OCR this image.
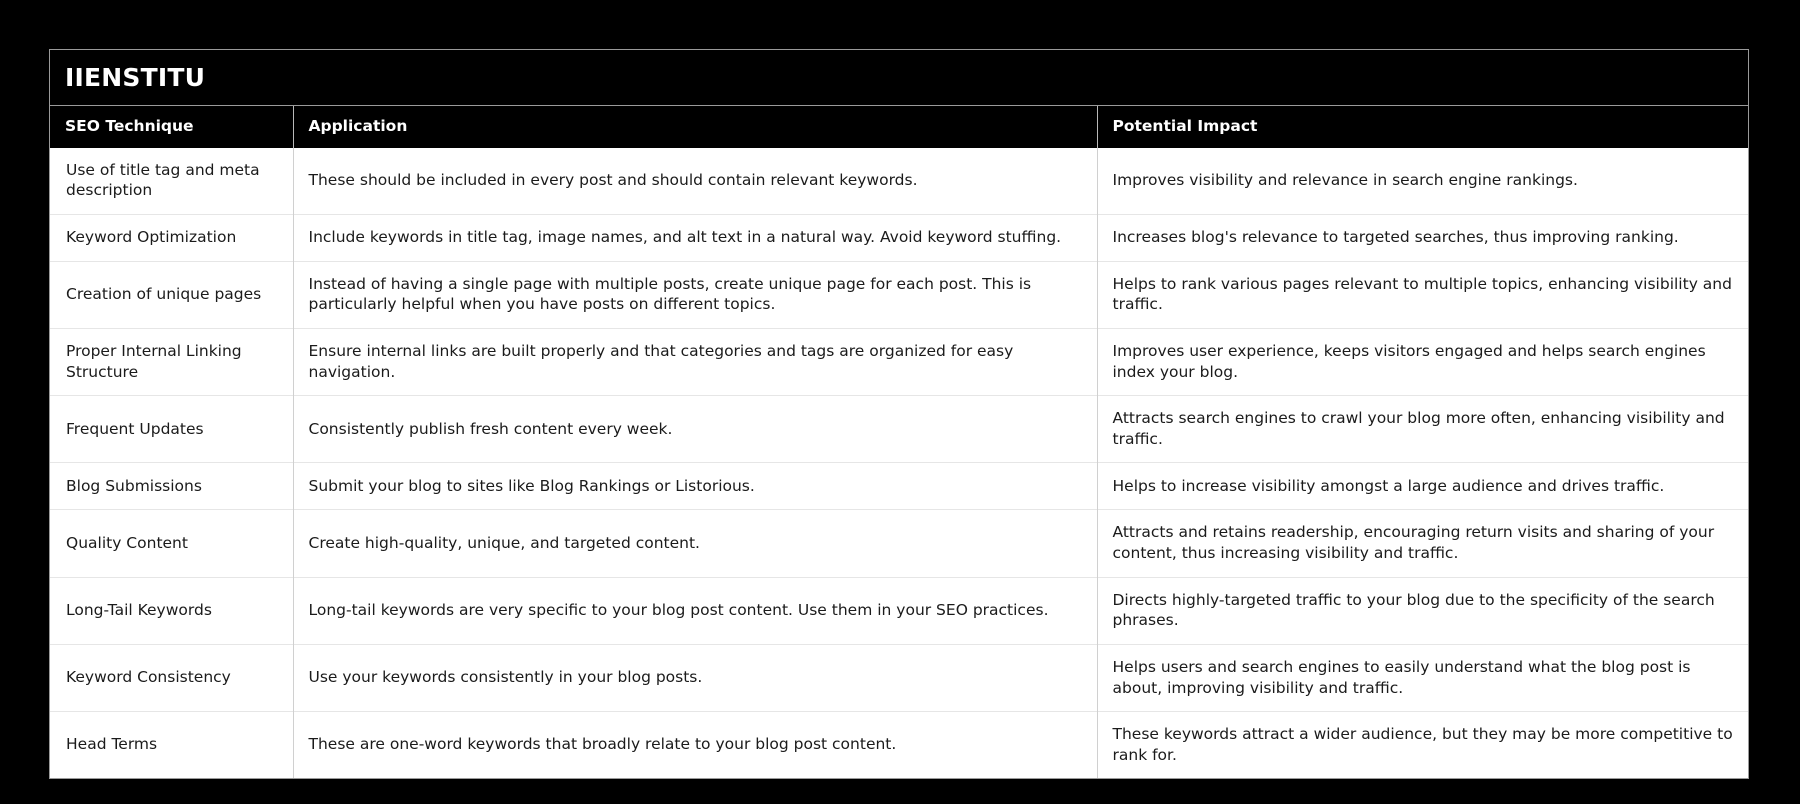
IIENSTITU
SEO Technique	Application	Potential Impact
Use of title tag and meta description	These should be included in every post and should contain relevant keywords.	Improves visibility and relevance in search engine rankings.
Keyword Optimization	Include keywords in title tag, image names, and alt text in a natural way. Avoid keyword stuffing.	Increases blog's relevance to targeted searches, thus improving ranking.
Creation of unique pages	Instead of having a single page with multiple posts, create unique page for each post. This is particularly helpful when you have posts on different topics.	Helps to rank various pages relevant to multiple topics, enhancing visibility and traffic.
Proper Internal Linking Structure	Ensure internal links are built properly and that categories and tags are organized for easy navigation.	Improves user experience, keeps visitors engaged and helps search engines index your blog.
Frequent Updates	Consistently publish fresh content every week.	Attracts search engines to crawl your blog more often, enhancing visibility and traffic.
Blog Submissions	Submit your blog to sites like Blog Rankings or Listorious.	Helps to increase visibility amongst a large audience and drives traffic.
Quality Content	Create high-quality, unique, and targeted content.	Attracts and retains readership, encouraging return visits and sharing of your content, thus increasing visibility and traffic.
Long-Tail Keywords	Long-tail keywords are very specific to your blog post content. Use them in your SEO practices.	Directs highly-targeted traffic to your blog due to the specificity of the search phrases.
Keyword Consistency	Use your keywords consistently in your blog posts.	Helps users and search engines to easily understand what the blog post is about, improving visibility and traffic.
Head Terms	These are one-word keywords that broadly relate to your blog post content.	These keywords attract a wider audience, but they may be more competitive to rank for.
